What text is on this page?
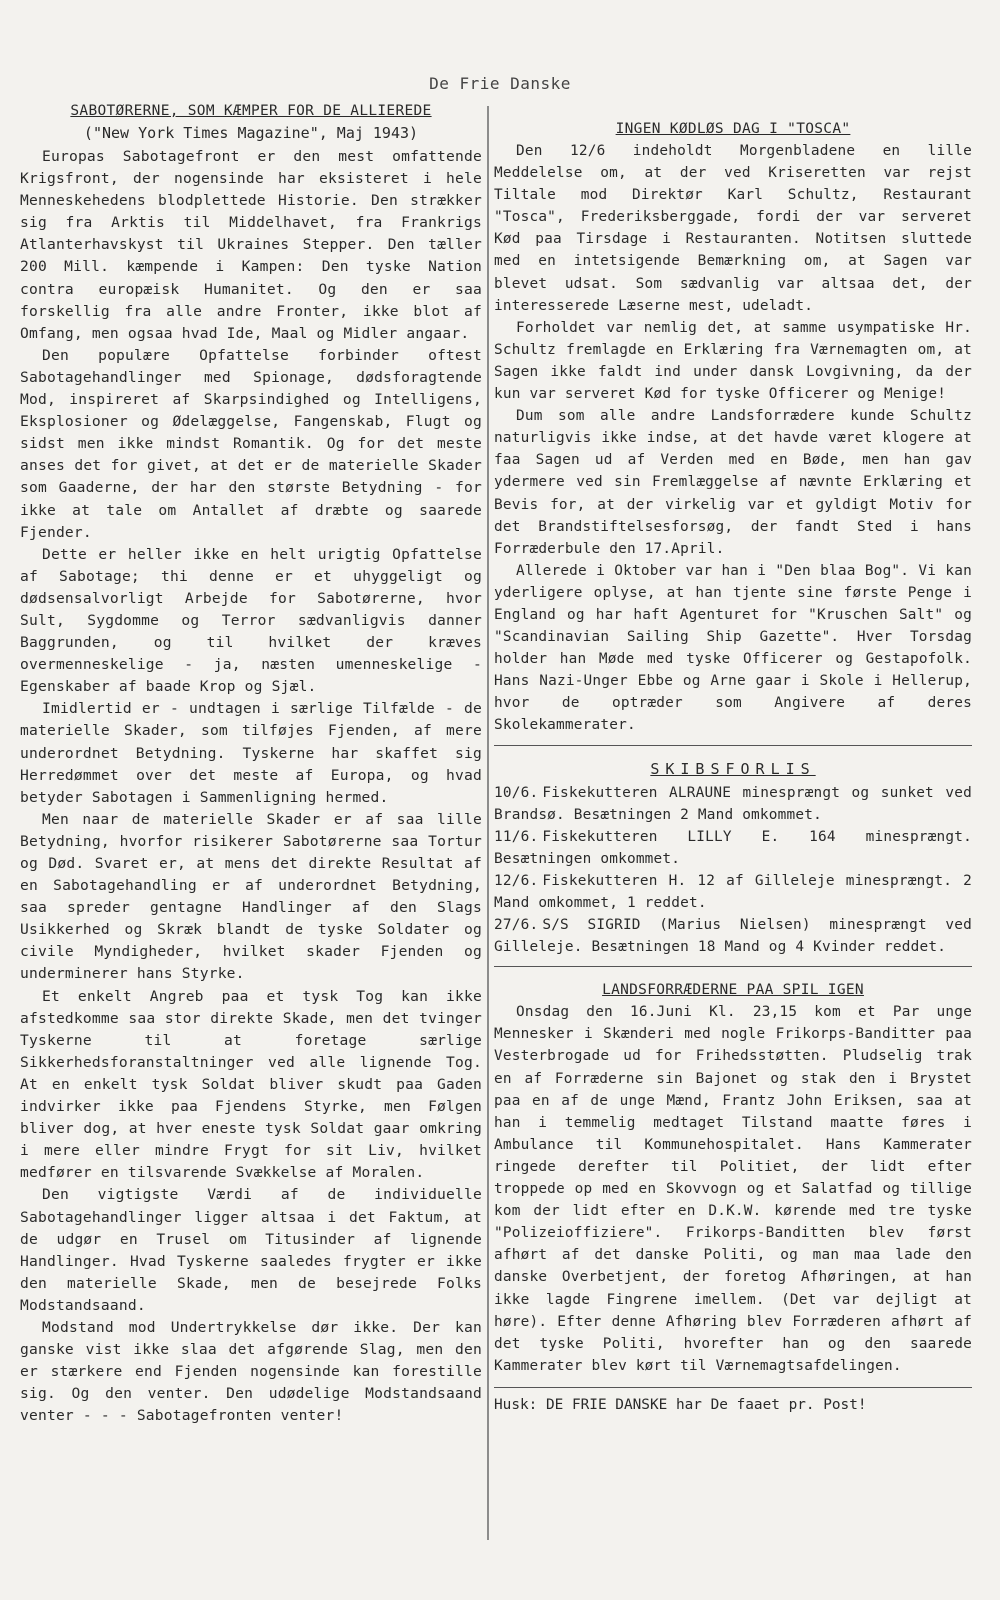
De Frie Danske
SABOTØRERNE, SOM KÆMPER FOR DE ALLIEREDE
("New York Times Magazine", Maj 1943)

Europas Sabotagefront er den mest omfattende Krigsfront, der nogensinde har eksisteret i hele Menneskehedens blodplettede Historie. Den strækker sig fra Arktis til Middelhavet, fra Frankrigs Atlanterhavskyst til Ukraines Stepper. Den tæller 200 Mill. kæmpende i Kampen: Den tyske Nation contra europæisk Humanitet. Og den er saa forskellig fra alle andre Fronter, ikke blot af Omfang, men ogsaa hvad Ide, Maal og Midler angaar.

Den populære Opfattelse forbinder oftest Sabotagehandlinger med Spionage, dødsforagtende Mod, inspireret af Skarpsindighed og Intelligens, Eksplosioner og Ødelæggelse, Fangenskab, Flugt og sidst men ikke mindst Romantik. Og for det meste anses det for givet, at det er de materielle Skader som Gaaderne, der har den største Betydning - for ikke at tale om Antallet af dræbte og saarede Fjender.

Dette er heller ikke en helt urigtig Opfattelse af Sabotage; thi denne er et uhyggeligt og dødsensalvorligt Arbejde for Sabotørerne, hvor Sult, Sygdomme og Terror sædvanligvis danner Baggrunden, og til hvilket der kræves overmenneskelige - ja, næsten umenneskelige - Egenskaber af baade Krop og Sjæl.

Imidlertid er - undtagen i særlige Tilfælde - de materielle Skader, som tilføjes Fjenden, af mere underordnet Betydning. Tyskerne har skaffet sig Herredømmet over det meste af Europa, og hvad betyder Sabotagen i Sammenligning hermed.

Men naar de materielle Skader er af saa lille Betydning, hvorfor risikerer Sabotørerne saa Tortur og Død. Svaret er, at mens det direkte Resultat af en Sabotagehandling er af underordnet Betydning, saa spreder gentagne Handlinger af den Slags Usikkerhed og Skræk blandt de tyske Soldater og civile Myndigheder, hvilket skader Fjenden og underminerer hans Styrke.

Et enkelt Angreb paa et tysk Tog kan ikke afstedkomme saa stor direkte Skade, men det tvinger Tyskerne til at foretage særlige Sikkerhedsforanstaltninger ved alle lignende Tog. At en enkelt tysk Soldat bliver skudt paa Gaden indvirker ikke paa Fjendens Styrke, men Følgen bliver dog, at hver eneste tysk Soldat gaar omkring i mere eller mindre Frygt for sit Liv, hvilket medfører en tilsvarende Svækkelse af Moralen.

Den vigtigste Værdi af de individuelle Sabotagehandlinger ligger altsaa i det Faktum, at de udgør en Trusel om Titusinder af lignende Handlinger. Hvad Tyskerne saaledes frygter er ikke den materielle Skade, men de besejrede Folks Modstandsaand.

Modstand mod Undertrykkelse dør ikke. Der kan ganske vist ikke slaa det afgørende Slag, men den er stærkere end Fjenden nogensinde kan forestille sig. Og den venter. Den udødelige Modstandsaand venter - - - Sabotagefronten venter!

INGEN KØDLØS DAG I "TOSCA"

Den 12/6 indeholdt Morgenbladene en lille Meddelelse om, at der ved Kriseretten var rejst Tiltale mod Direktør Karl Schultz, Restaurant "Tosca", Frederiksberggade, fordi der var serveret Kød paa Tirsdage i Restauranten. Notitsen sluttede med en intetsigende Bemærkning om, at Sagen var blevet udsat. Som sædvanlig var altsaa det, der interesserede Læserne mest, udeladt.

Forholdet var nemlig det, at samme usympatiske Hr. Schultz fremlagde en Erklæring fra Værnemagten om, at Sagen ikke faldt ind under dansk Lovgivning, da der kun var serveret Kød for tyske Officerer og Menige!

Dum som alle andre Landsforrædere kunde Schultz naturligvis ikke indse, at det havde været klogere at faa Sagen ud af Verden med en Bøde, men han gav ydermere ved sin Fremlæggelse af nævnte Erklæring et Bevis for, at der virkelig var et gyldigt Motiv for det Brandstiftelsesforsøg, der fandt Sted i hans Forræderbule den 17.April.

Allerede i Oktober var han i "Den blaa Bog". Vi kan yderligere oplyse, at han tjente sine første Penge i England og har haft Agenturet for "Kruschen Salt" og "Scandinavian Sailing Ship Gazette". Hver Torsdag holder han Møde med tyske Officerer og Gestapofolk. Hans Nazi-Unger Ebbe og Arne gaar i Skole i Hellerup, hvor de optræder som Angivere af deres Skolekammerater.

SKIBSFORLIS

10/6. Fiskekutteren ALRAUNE minesprængt og sunket ved Brandsø. Besætningen 2 Mand omkommet.

11/6. Fiskekutteren LILLY E. 164 minesprængt. Besætningen omkommet.

12/6. Fiskekutteren H. 12 af Gilleleje minesprængt. 2 Mand omkommet, 1 reddet.

27/6. S/S SIGRID (Marius Nielsen) minesprængt ved Gilleleje. Besætningen 18 Mand og 4 Kvinder reddet.

LANDSFORRÆDERNE PAA SPIL IGEN

Onsdag den 16.Juni Kl. 23,15 kom et Par unge Mennesker i Skænderi med nogle Frikorps-Banditter paa Vesterbrogade ud for Frihedsstøtten. Pludselig trak en af Forræderne sin Bajonet og stak den i Brystet paa en af de unge Mænd, Frantz John Eriksen, saa at han i temmelig medtaget Tilstand maatte føres i Ambulance til Kommunehospitalet. Hans Kammerater ringede derefter til Politiet, der lidt efter troppede op med en Skovvogn og et Salatfad og tillige kom der lidt efter en D.K.W. kørende med tre tyske "Polizeioffiziere". Frikorps-Banditten blev først afhørt af det danske Politi, og man maa lade den danske Overbetjent, der foretog Afhøringen, at han ikke lagde Fingrene imellem. (Det var dejligt at høre). Efter denne Afhøring blev Forræderen afhørt af det tyske Politi, hvorefter han og den saarede Kammerater blev kørt til Værnemagtsafdelingen.

Husk: DE FRIE DANSKE har De faaet pr. Post!
